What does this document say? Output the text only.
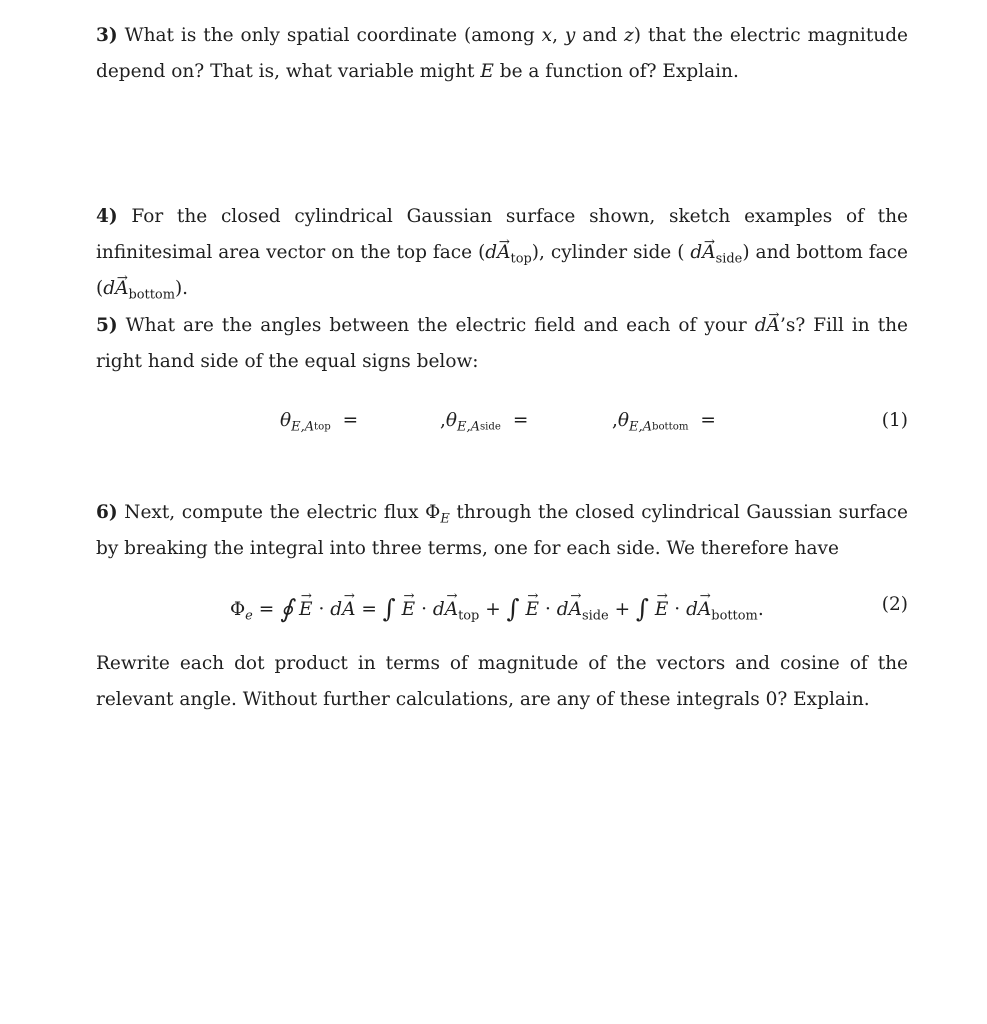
3) What is the only spatial coordinate (among x, y and z) that the electric magnitude depend on? That is, what variable might E be a function of? Explain.
4) For the closed cylindrical Gaussian surface shown, sketch examples of the infinitesimal area vector on the top face $(d\to A_{top})$, cylinder side ( $d\to A_{side}$) and bottom face $(d\to A_{bottom})$.
5) What are the angles between the electric field and each of your d→ A’s? Fill in the right hand side of the equal signs below:
$\theta_{E,Atop}$ =	$,\theta_{E,Aside}$ =	$,\theta_{E,Abottom}$ =	(1)
6) Next, compute the electric flux $\Phi_E$ through the closed cylindrical Gaussian surface by breaking the integral into three terms, one for each side. We therefore have
$\Phi_e$ = ∮ → E · d→ A = ∫ → $E \cdot d\to A_{top}$ + ∫ → $E \cdot d\to A_{side}$ + ∫ → $E \cdot d\to A_{bottom}$.	(2)
Rewrite each dot product in terms of magnitude of the vectors and cosine of the relevant angle. Without further calculations, are any of these integrals 0? Explain.
